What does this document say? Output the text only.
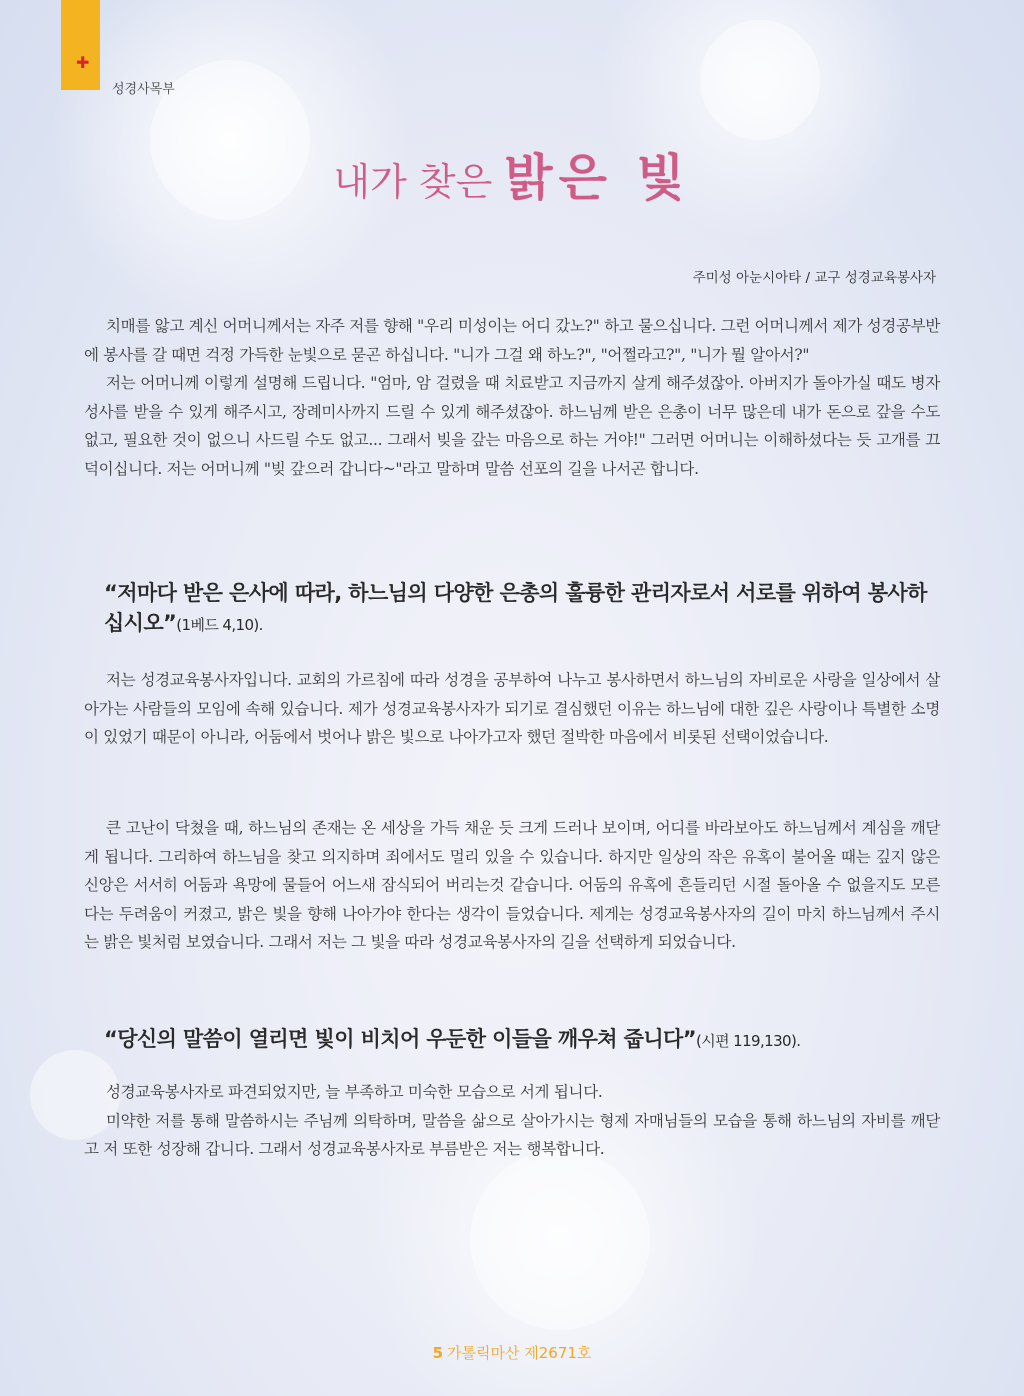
✚
성경사목부
내가 찾은 밝은 빛
주미성 아눈시아타 / 교구 성경교육봉사자

치매를 앓고 계신 어머니께서는 자주 저를 향해 "우리 미성이는 어디 갔노?" 하고 물으십니다. 그런 어머니께서 제가 성경공부반에 봉사를 갈 때면 걱정 가득한 눈빛으로 묻곤 하십니다. "니가 그걸 왜 하노?", "어쩔라고?", "니가 뭘 알아서?"

저는 어머니께 이렇게 설명해 드립니다. "엄마, 암 걸렸을 때 치료받고 지금까지 살게 해주셨잖아. 아버지가 돌아가실 때도 병자성사를 받을 수 있게 해주시고, 장례미사까지 드릴 수 있게 해주셨잖아. 하느님께 받은 은총이 너무 많은데 내가 돈으로 갚을 수도 없고, 필요한 것이 없으니 사드릴 수도 없고... 그래서 빚을 갚는 마음으로 하는 거야!" 그러면 어머니는 이해하셨다는 듯 고개를 끄덕이십니다. 저는 어머니께 "빚 갚으러 갑니다~"라고 말하며 말씀 선포의 길을 나서곤 합니다.

“저마다 받은 은사에 따라, 하느님의 다양한 은총의 훌륭한 관리자로서 서로를 위하여 봉사하십시오”(1베드 4,10).

저는 성경교육봉사자입니다. 교회의 가르침에 따라 성경을 공부하여 나누고 봉사하면서 하느님의 자비로운 사랑을 일상에서 살아가는 사람들의 모임에 속해 있습니다. 제가 성경교육봉사자가 되기로 결심했던 이유는 하느님에 대한 깊은 사랑이나 특별한 소명이 있었기 때문이 아니라, 어둠에서 벗어나 밝은 빛으로 나아가고자 했던 절박한 마음에서 비롯된 선택이었습니다.

큰 고난이 닥쳤을 때, 하느님의 존재는 온 세상을 가득 채운 듯 크게 드러나 보이며, 어디를 바라보아도 하느님께서 계심을 깨닫게 됩니다. 그리하여 하느님을 찾고 의지하며 죄에서도 멀리 있을 수 있습니다. 하지만 일상의 작은 유혹이 불어올 때는 깊지 않은 신앙은 서서히 어둠과 욕망에 물들어 어느새 잠식되어 버리는것 같습니다. 어둠의 유혹에 흔들리던 시절 돌아올 수 없을지도 모른다는 두려움이 커졌고, 밝은 빛을 향해 나아가야 한다는 생각이 들었습니다. 제게는 성경교육봉사자의 길이 마치 하느님께서 주시는 밝은 빛처럼 보였습니다. 그래서 저는 그 빛을 따라 성경교육봉사자의 길을 선택하게 되었습니다.

“당신의 말씀이 열리면 빛이 비치어 우둔한 이들을 깨우쳐 줍니다”(시편 119,130).

성경교육봉사자로 파견되었지만, 늘 부족하고 미숙한 모습으로 서게 됩니다.

미약한 저를 통해 말씀하시는 주님께 의탁하며, 말씀을 삶으로 살아가시는 형제 자매님들의 모습을 통해 하느님의 자비를 깨닫고 저 또한 성장해 갑니다. 그래서 성경교육봉사자로 부름받은 저는 행복합니다.

5 가톨릭마산 제2671호
